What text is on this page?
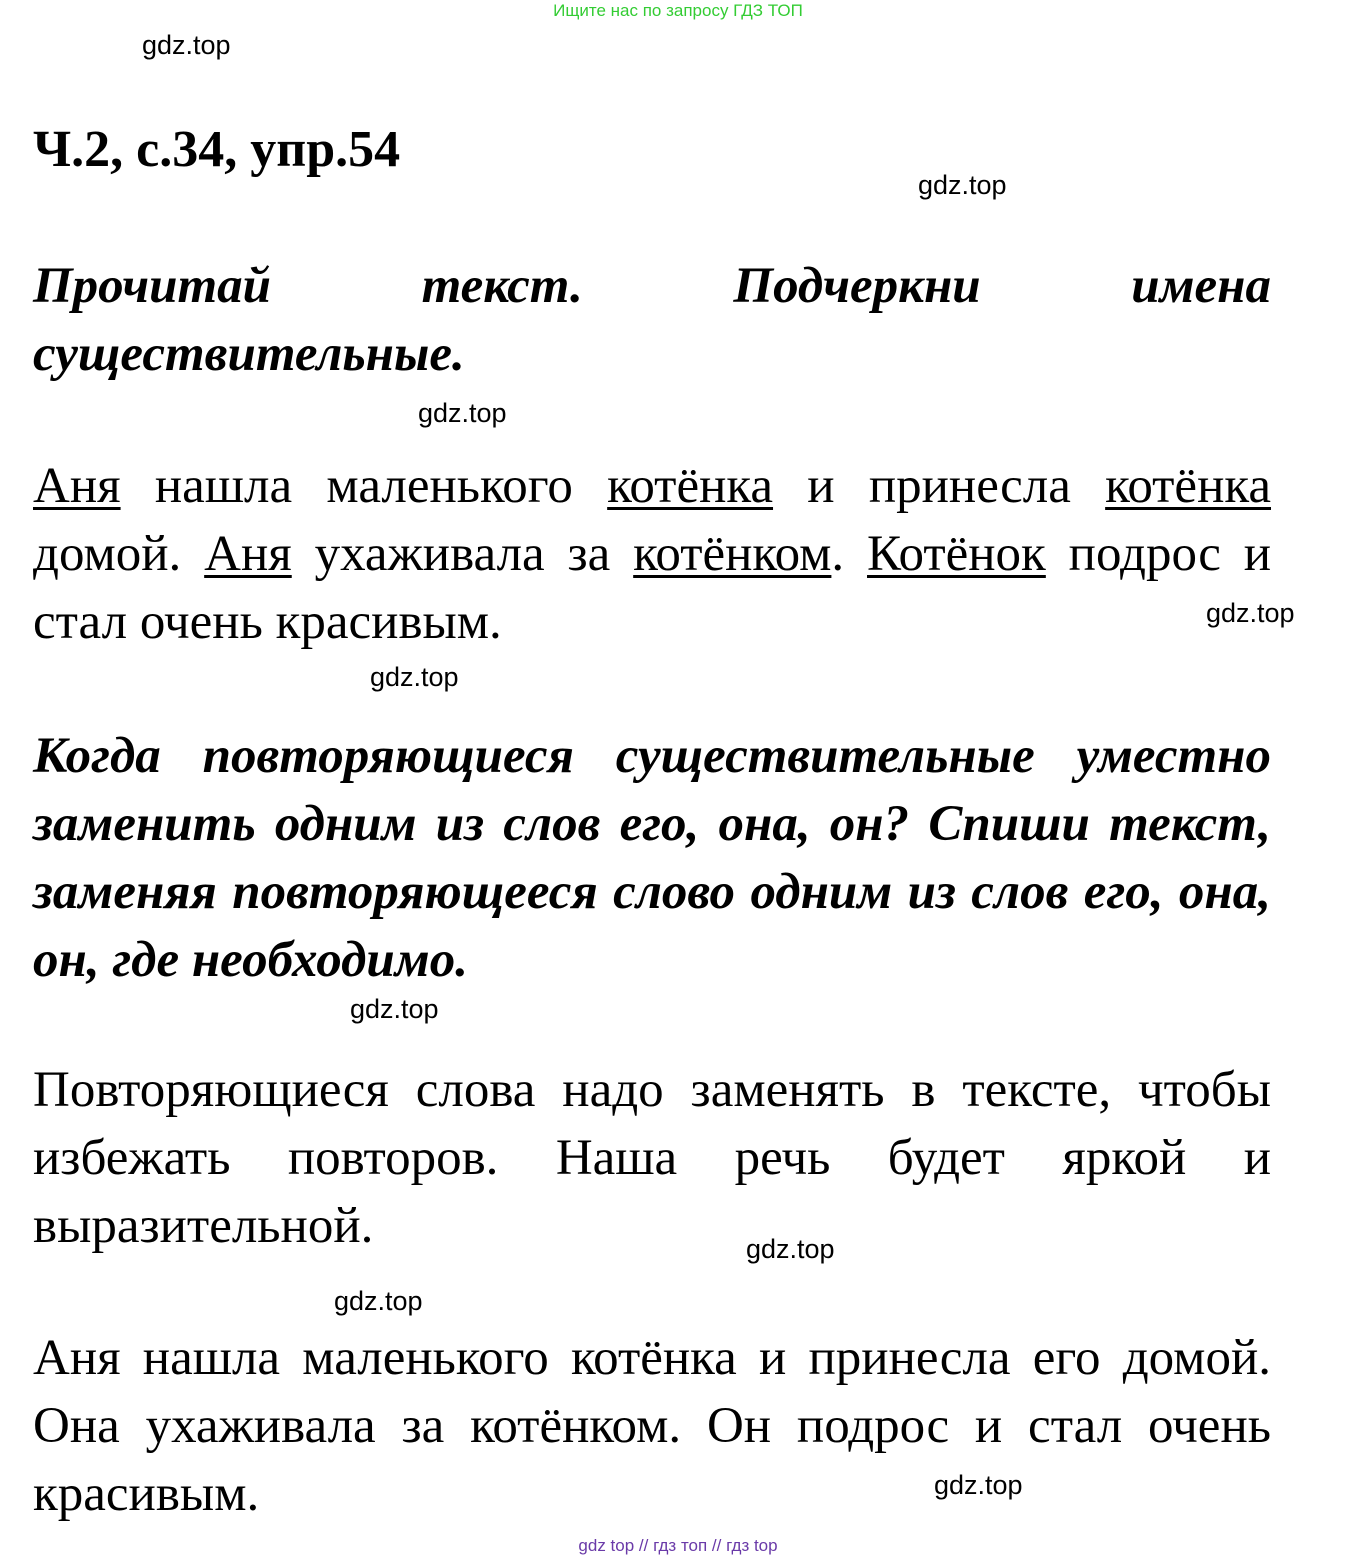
Ищите нас по запросу ГДЗ ТОП
gdz.top
Ч.2, с.34, упр.54
gdz.top
Прочитай текст. Подчеркни имена существительные.
gdz.top
Аня нашла маленького котёнка и принесла котёнка домой. Аня ухаживала за котёнком. Котёнок подрос и стал очень красивым.	gdz.top
gdz.top
Когда повторяющиеся существительные уместно заменить одним из слов его, она, он? Спиши текст, заменяя повторяющееся слово одним из слов его, она, он, где необходимо.
gdz.top
Повторяющиеся слова надо заменять в тексте, чтобы избежать повторов. Наша речь будет яркой и выразительной.	gdz.top
gdz.top
Аня нашла маленького котёнка и принесла его домой. Она ухаживала за котёнком. Он подрос и стал очень красивым.	gdz.top
gdz top // гдз топ // гдз top
